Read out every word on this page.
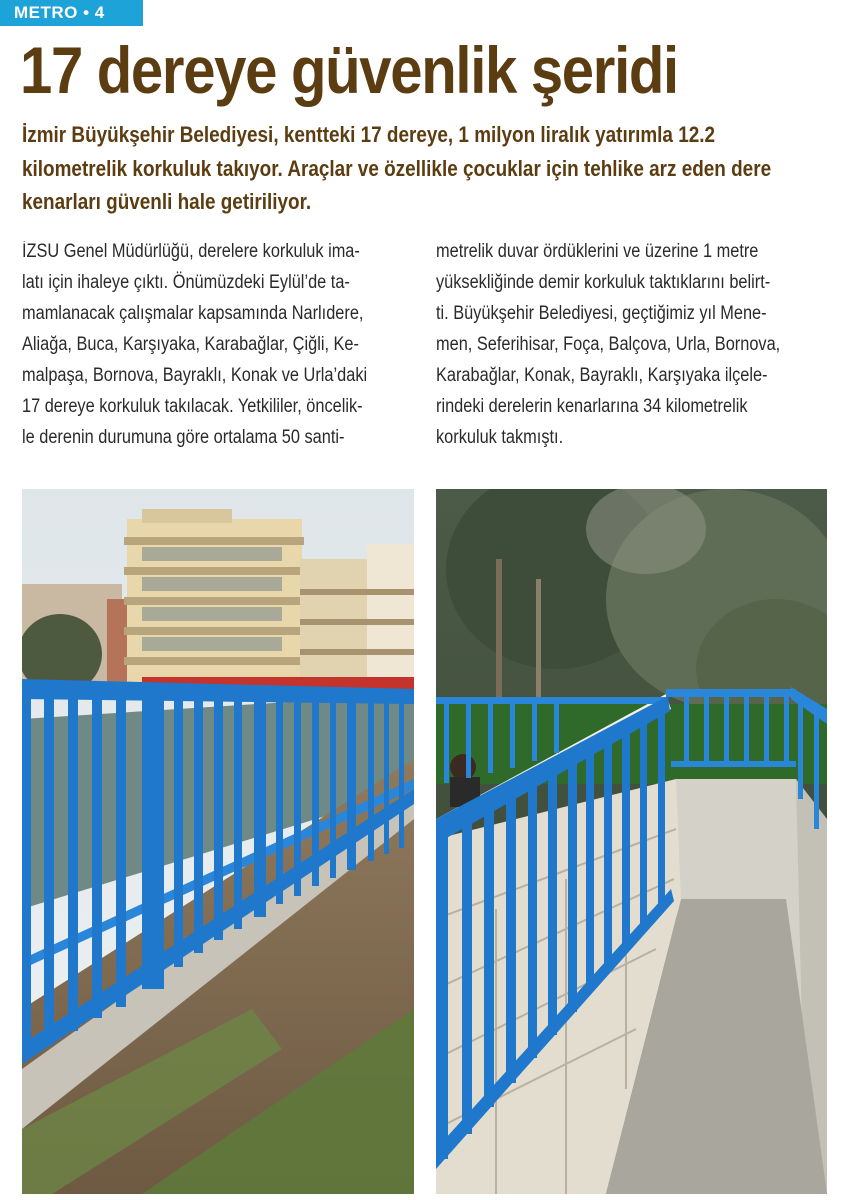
METRO • 4
17 dereye güvenlik şeridi

İzmir Büyükşehir Belediyesi, kentteki 17 dereye, 1 milyon liralık yatırımla 12.2 kilometrelik korkuluk takıyor. Araçlar ve özellikle çocuklar için tehlike arz eden dere kenarları güvenli hale getiriliyor.

İZSU Genel Müdürlüğü, derelere korkuluk ima-
latı için ihaleye çıktı. Önümüzdeki Eylül’de ta-
mamlanacak çalışmalar kapsamında Narlıdere,
Aliağa, Buca, Karşıyaka, Karabağlar, Çiğli, Ke-
malpaşa, Bornova, Bayraklı, Konak ve Urla’daki
17 dereye korkuluk takılacak. Yetkililer, öncelik-
le derenin durumuna göre ortalama 50 santi-

metrelik duvar ördüklerini ve üzerine 1 metre
yüksekliğinde demir korkuluk taktıklarını belirt-
ti. Büyükşehir Belediyesi, geçtiğimiz yıl Mene-
men, Seferihisar, Foça, Balçova, Urla, Bornova,
Karabağlar, Konak, Bayraklı, Karşıyaka ilçele-
rindeki derelerin kenarlarına 34 kilometrelik
korkuluk takmıştı.
